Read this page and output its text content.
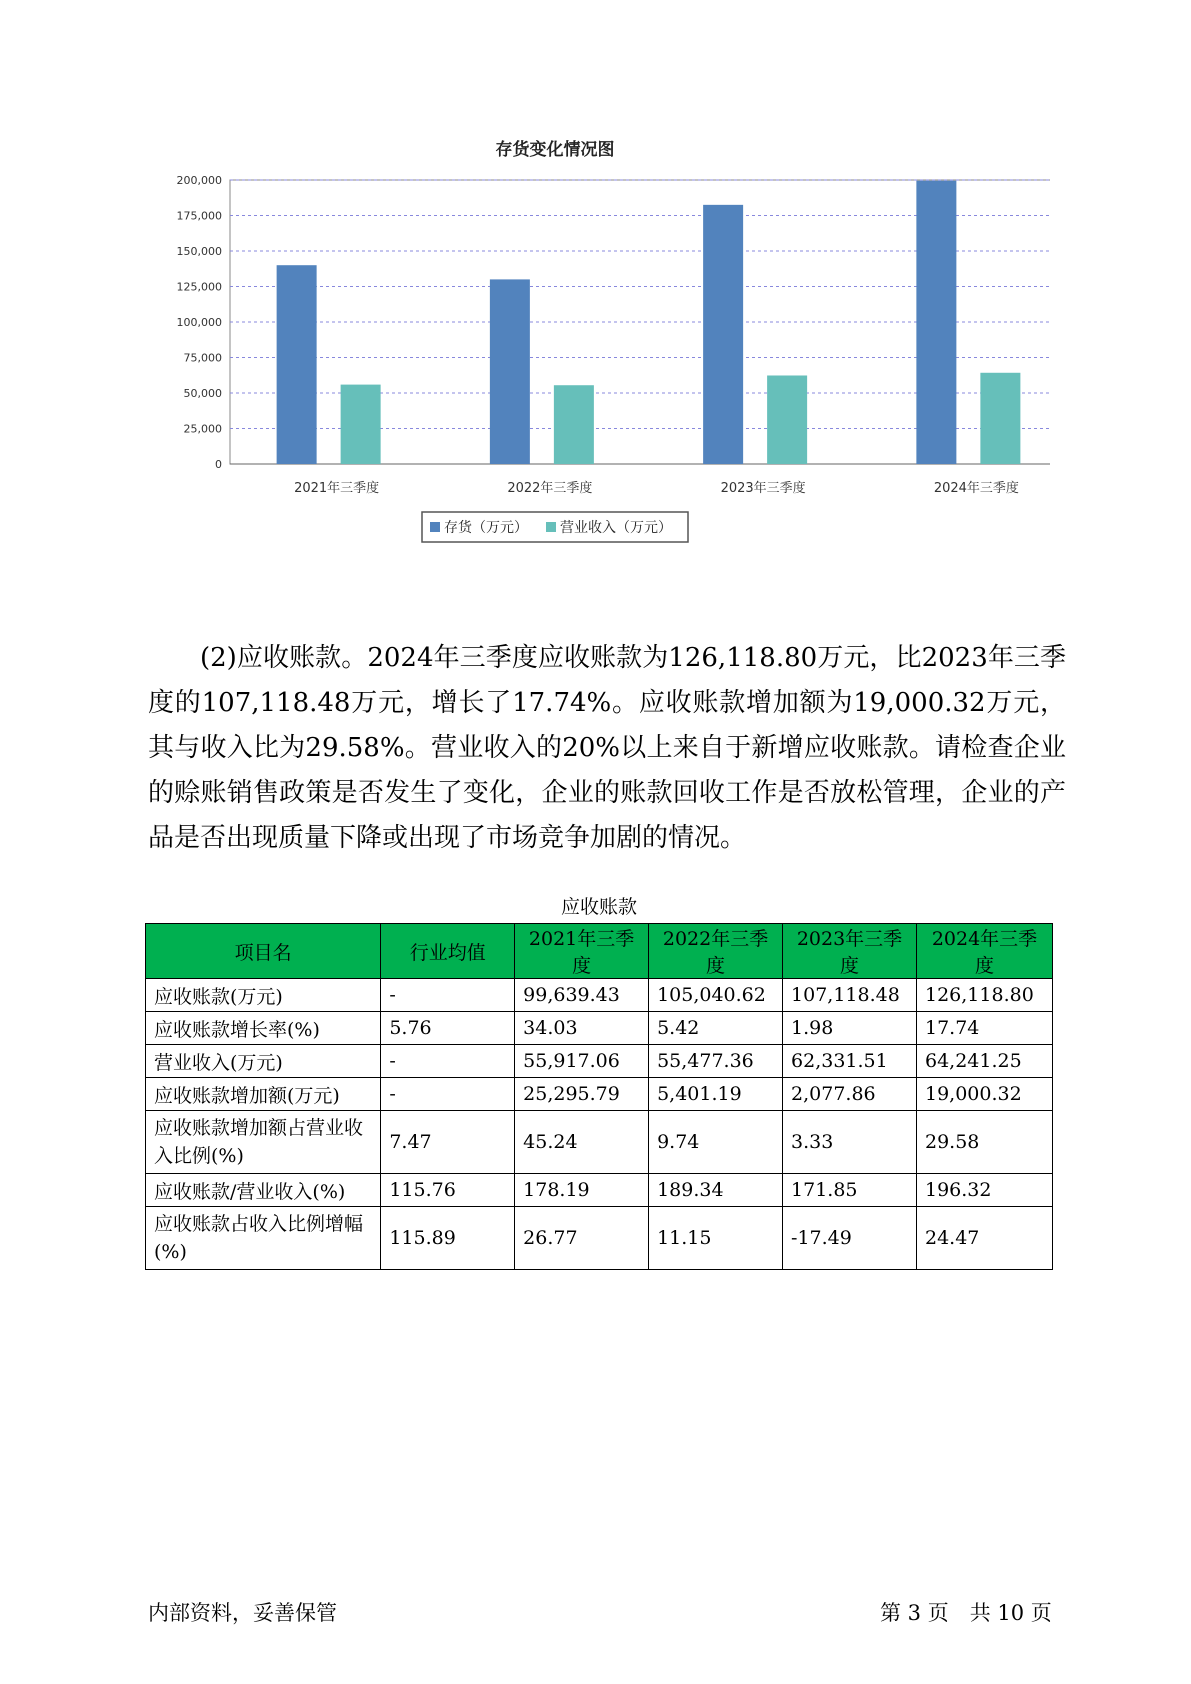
存货变化情况图
0
25,000
50,000
75,000
100,000
125,000
150,000
175,000
200,000
2021年三季度	2022年三季度	2023年三季度	2024年三季度
存货（万元） 营业收入（万元）
(2)应收账款。2024年三季度应收账款为126,118.80万元，比2023年三季度的107,118.48万元，增长了17.74%。应收账款增加额为19,000.32万元，其与收入比为29.58%。营业收入的20%以上来自于新增应收账款。请检查企业的赊账销售政策是否发生了变化，企业的账款回收工作是否放松管理，企业的产品是否出现质量下降或出现了市场竞争加剧的情况。
应收账款
项目名	行业均值	2021年三季度	2022年三季度	2023年三季度	2024年三季度
应收账款(万元)	-	99,639.43	105,040.62	107,118.48	126,118.80
应收账款增长率(%)	5.76	34.03	5.42	1.98	17.74
营业收入(万元)	-	55,917.06	55,477.36	62,331.51	64,241.25
应收账款增加额(万元)	-	25,295.79	5,401.19	2,077.86	19,000.32
应收账款增加额占营业收入比例(%)	7.47	45.24	9.74	3.33	29.58
应收账款/营业收入(%)	115.76	178.19	189.34	171.85	196.32
应收账款占收入比例增幅(%)	115.89	26.77	11.15	-17.49	24.47
内部资料，妥善保管	第 3 页　共 10 页
